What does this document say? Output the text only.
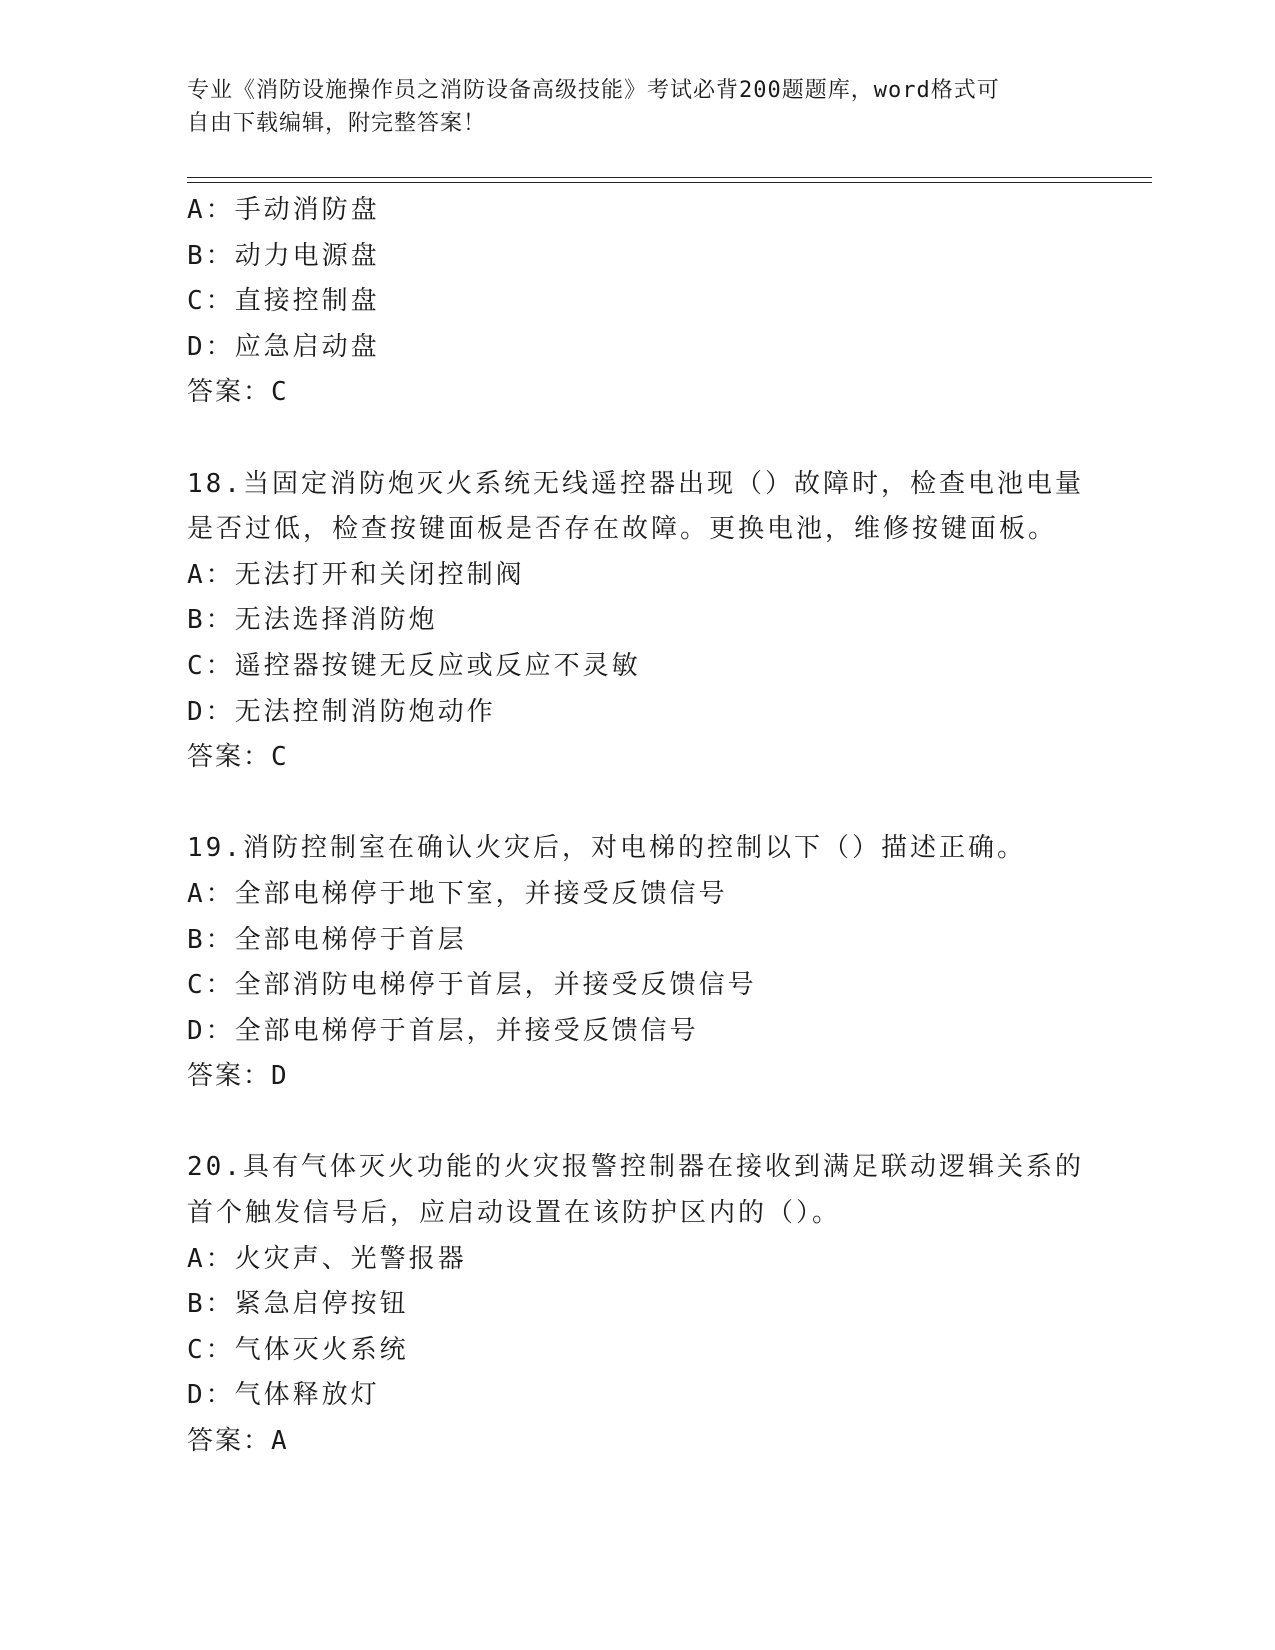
专业《消防设施操作员之消防设备高级技能》考试必背200题题库，word格式可
自由下载编辑，附完整答案！
A：手动消防盘
B：动力电源盘
C：直接控制盘
D：应急启动盘
答案：C
18.当固定消防炮灭火系统无线遥控器出现（）故障时，检查电池电量
是否过低，检查按键面板是否存在故障。更换电池，维修按键面板。
A：无法打开和关闭控制阀
B：无法选择消防炮
C：遥控器按键无反应或反应不灵敏
D：无法控制消防炮动作
答案：C
19.消防控制室在确认火灾后，对电梯的控制以下（）描述正确。
A：全部电梯停于地下室，并接受反馈信号
B：全部电梯停于首层
C：全部消防电梯停于首层，并接受反馈信号
D：全部电梯停于首层，并接受反馈信号
答案：D
20.具有气体灭火功能的火灾报警控制器在接收到满足联动逻辑关系的
首个触发信号后，应启动设置在该防护区内的（）。
A：火灾声、光警报器
B：紧急启停按钮
C：气体灭火系统
D：气体释放灯
答案：A
